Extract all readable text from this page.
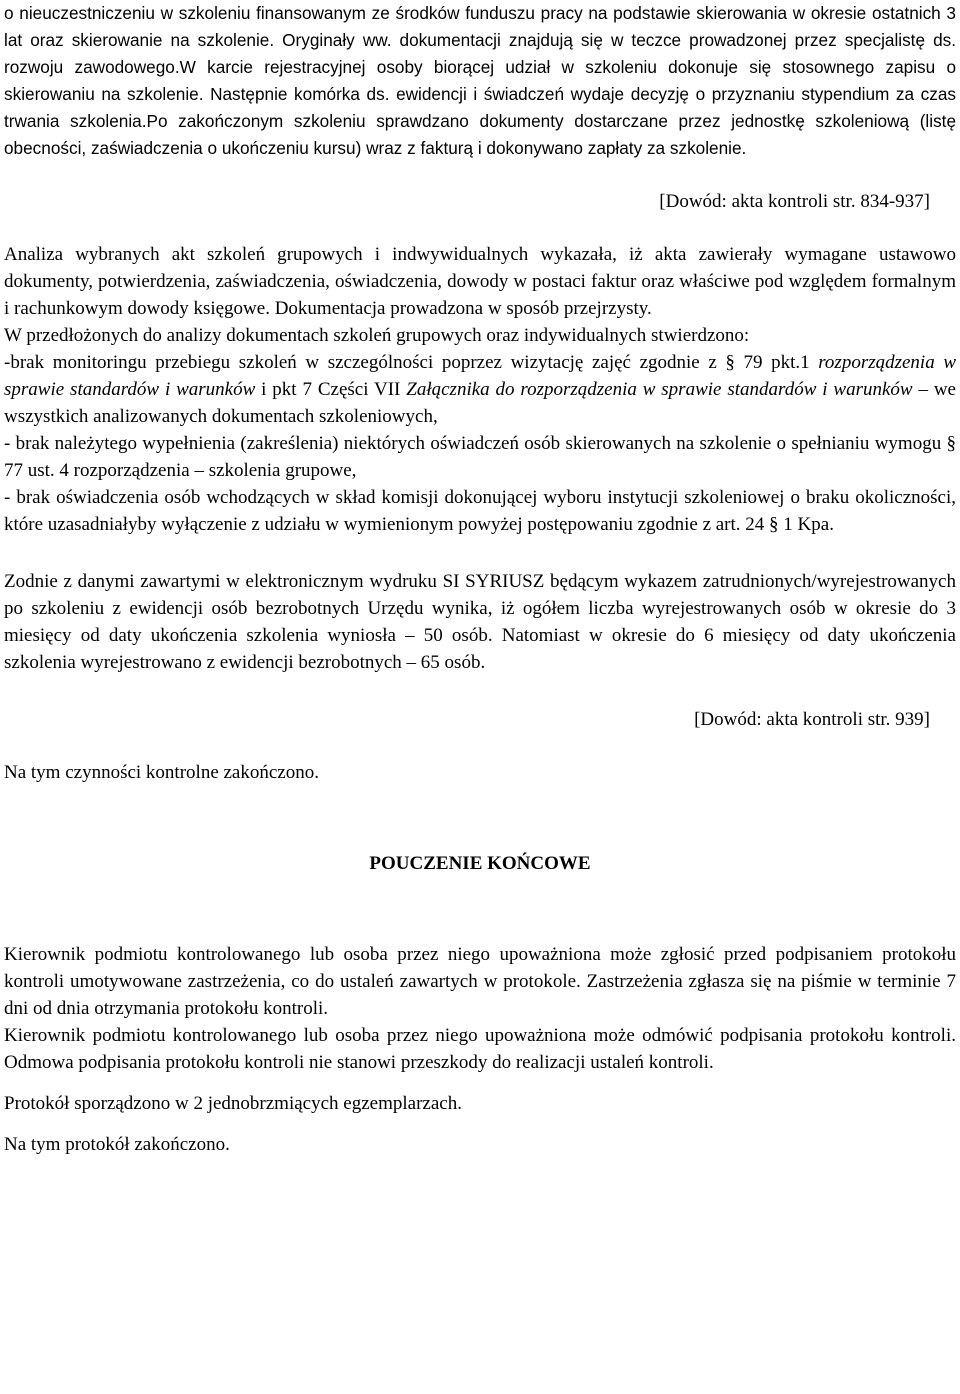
o nieuczestniczeniu w szkoleniu finansowanym ze środków funduszu pracy na podstawie skierowania w okresie ostatnich 3 lat oraz skierowanie na szkolenie. Oryginały ww. dokumentacji znajdują się w teczce prowadzonej przez specjalistę ds. rozwoju zawodowego.W karcie rejestracyjnej osoby biorącej udział w szkoleniu dokonuje się stosownego zapisu o skierowaniu na szkolenie. Następnie komórka ds. ewidencji i świadczeń wydaje decyzję o przyznaniu stypendium za czas trwania szkolenia.Po zakończonym szkoleniu sprawdzano dokumenty dostarczane przez jednostkę szkoleniową (listę obecności, zaświadczenia o ukończeniu kursu) wraz z fakturą i dokonywano zapłaty za szkolenie.

[Dowód: akta kontroli str. 834-937]

Analiza wybranych akt szkoleń grupowych i indwywidualnych wykazała, iż akta zawierały wymagane ustawowo dokumenty, potwierdzenia, zaświadczenia, oświadczenia, dowody w postaci faktur oraz właściwe pod względem formalnym i rachunkowym dowody księgowe. Dokumentacja prowadzona w sposób przejrzysty.

W przedłożonych do analizy dokumentach szkoleń grupowych oraz indywidualnych stwierdzono:

-brak monitoringu przebiegu szkoleń w szczególności poprzez wizytację zajęć zgodnie z § 79 pkt.1 rozporządzenia w sprawie standardów i warunków i pkt 7 Części VII Załącznika do rozporządzenia w sprawie standardów i warunków – we wszystkich analizowanych dokumentach szkoleniowych,

- brak należytego wypełnienia (zakreślenia) niektórych oświadczeń osób skierowanych na szkolenie o spełnianiu wymogu § 77 ust. 4 rozporządzenia – szkolenia grupowe,

- brak oświadczenia osób wchodzących w skład komisji dokonującej wyboru instytucji szkoleniowej o braku okoliczności, które uzasadniałyby wyłączenie z udziału w wymienionym powyżej postępowaniu zgodnie z art. 24 § 1 Kpa.

Zodnie z danymi zawartymi w elektronicznym wydruku SI SYRIUSZ będącym wykazem zatrudnionych/wyrejestrowanych po szkoleniu z ewidencji osób bezrobotnych Urzędu wynika, iż ogółem liczba wyrejestrowanych osób w okresie do 3 miesięcy od daty ukończenia szkolenia wyniosła – 50 osób. Natomiast w okresie do 6 miesięcy od daty ukończenia szkolenia wyrejestrowano z ewidencji bezrobotnych – 65 osób.

[Dowód: akta kontroli str. 939]

Na tym czynności kontrolne zakończono.

POUCZENIE KOŃCOWE

Kierownik podmiotu kontrolowanego lub osoba przez niego upoważniona może zgłosić przed podpisaniem protokołu kontroli umotywowane zastrzeżenia, co do ustaleń zawartych w protokole. Zastrzeżenia zgłasza się na piśmie w terminie 7 dni od dnia otrzymania protokołu kontroli.

Kierownik podmiotu kontrolowanego lub osoba przez niego upoważniona może odmówić podpisania protokołu kontroli. Odmowa podpisania protokołu kontroli nie stanowi przeszkody do realizacji ustaleń kontroli.

Protokół sporządzono w 2 jednobrzmiących egzemplarzach.

Na tym protokół zakończono.
